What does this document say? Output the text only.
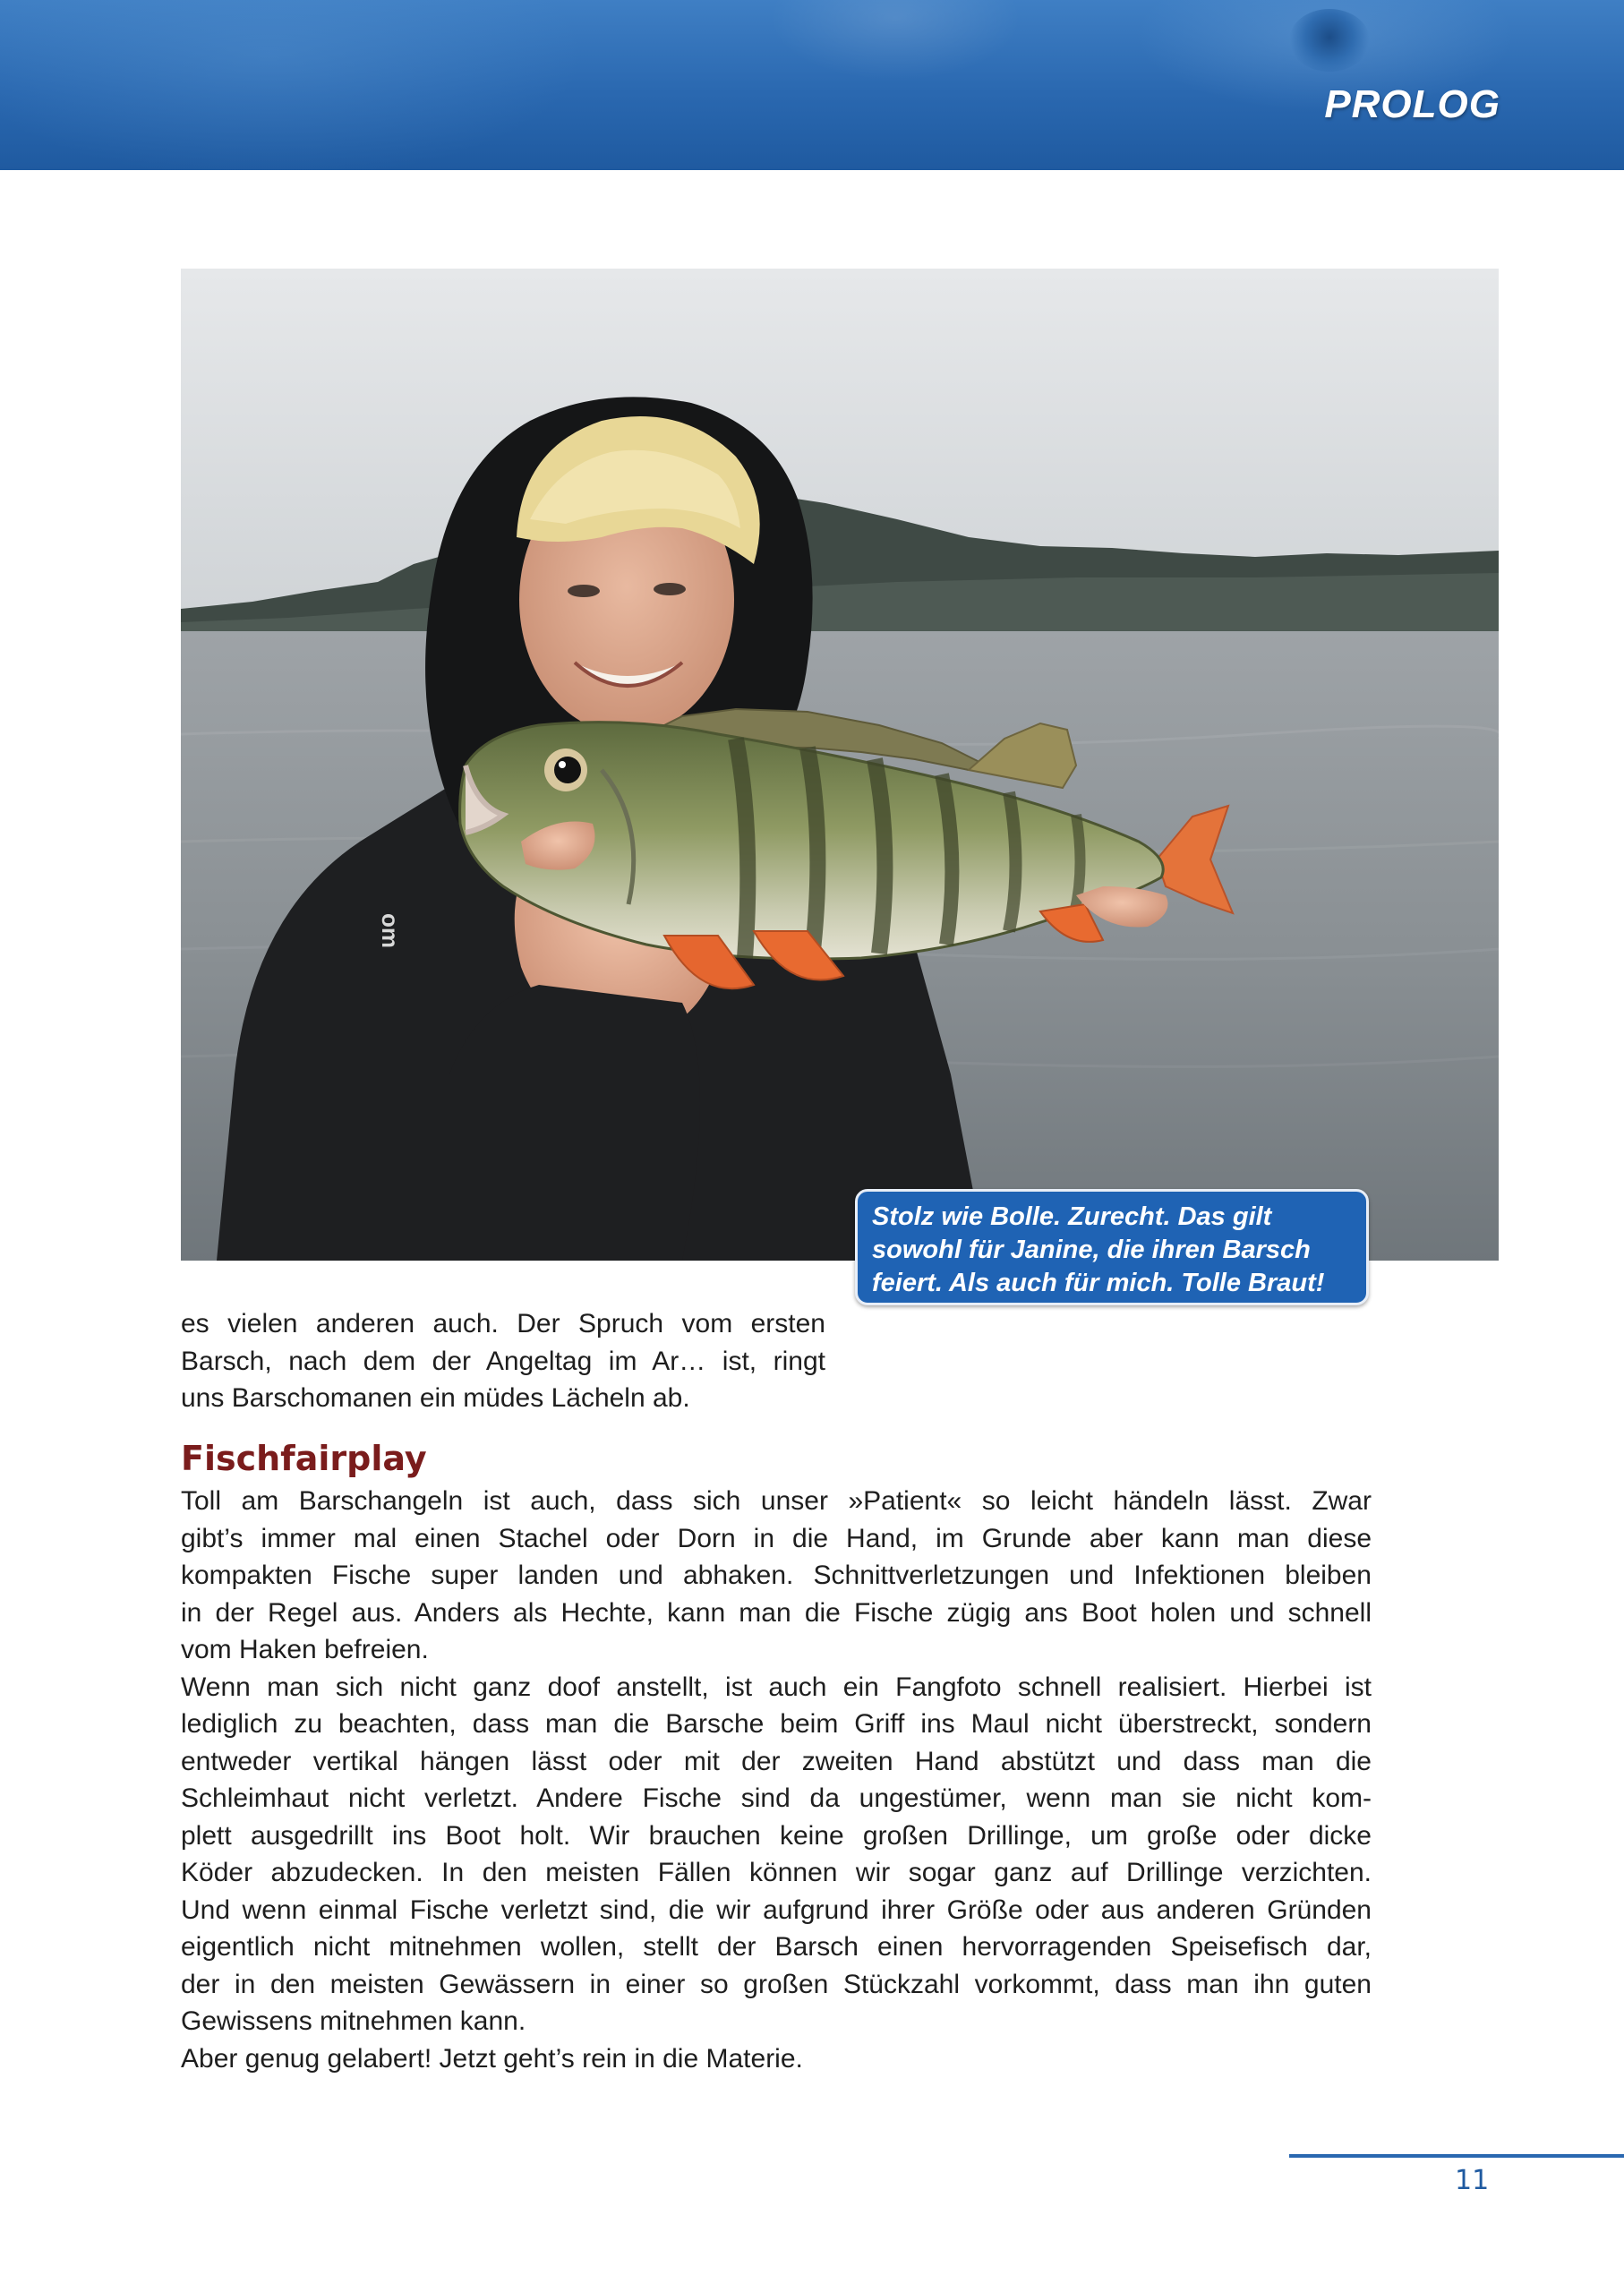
PROLOG
om
Stolz wie Bolle. Zurecht. Das gilt
sowohl für Janine, die ihren Barsch
feiert. Als auch für mich. Tolle Braut!
es vielen anderen auch. Der Spruch vom ersten
Barsch, nach dem der Angeltag im Ar… ist, ringt
uns Barschomanen ein müdes Lächeln ab.
Fischfairplay
Toll am Barschangeln ist auch, dass sich unser »Patient« so leicht händeln lässt. Zwar
gibt’s immer mal einen Stachel oder Dorn in die Hand, im Grunde aber kann man diese
kompakten Fische super landen und abhaken. Schnittverletzungen und Infektionen bleiben
in der Regel aus. Anders als Hechte, kann man die Fische zügig ans Boot holen und schnell
vom Haken befreien.
Wenn man sich nicht ganz doof anstellt, ist auch ein Fangfoto schnell realisiert. Hierbei ist
lediglich zu beachten, dass man die Barsche beim Griff ins Maul nicht überstreckt, sondern
entweder vertikal hängen lässt oder mit der zweiten Hand abstützt und dass man die
Schleimhaut nicht verletzt. Andere Fische sind da ungestümer, wenn man sie nicht kom-
plett ausgedrillt ins Boot holt. Wir brauchen keine großen Drillinge, um große oder dicke
Köder abzudecken. In den meisten Fällen können wir sogar ganz auf Drillinge verzichten.
Und wenn einmal Fische verletzt sind, die wir aufgrund ihrer Größe oder aus anderen Gründen
eigentlich nicht mitnehmen wollen, stellt der Barsch einen hervorragenden Speisefisch dar,
der in den meisten Gewässern in einer so großen Stückzahl vorkommt, dass man ihn guten
Gewissens mitnehmen kann.
Aber genug gelabert! Jetzt geht’s rein in die Materie.
11
